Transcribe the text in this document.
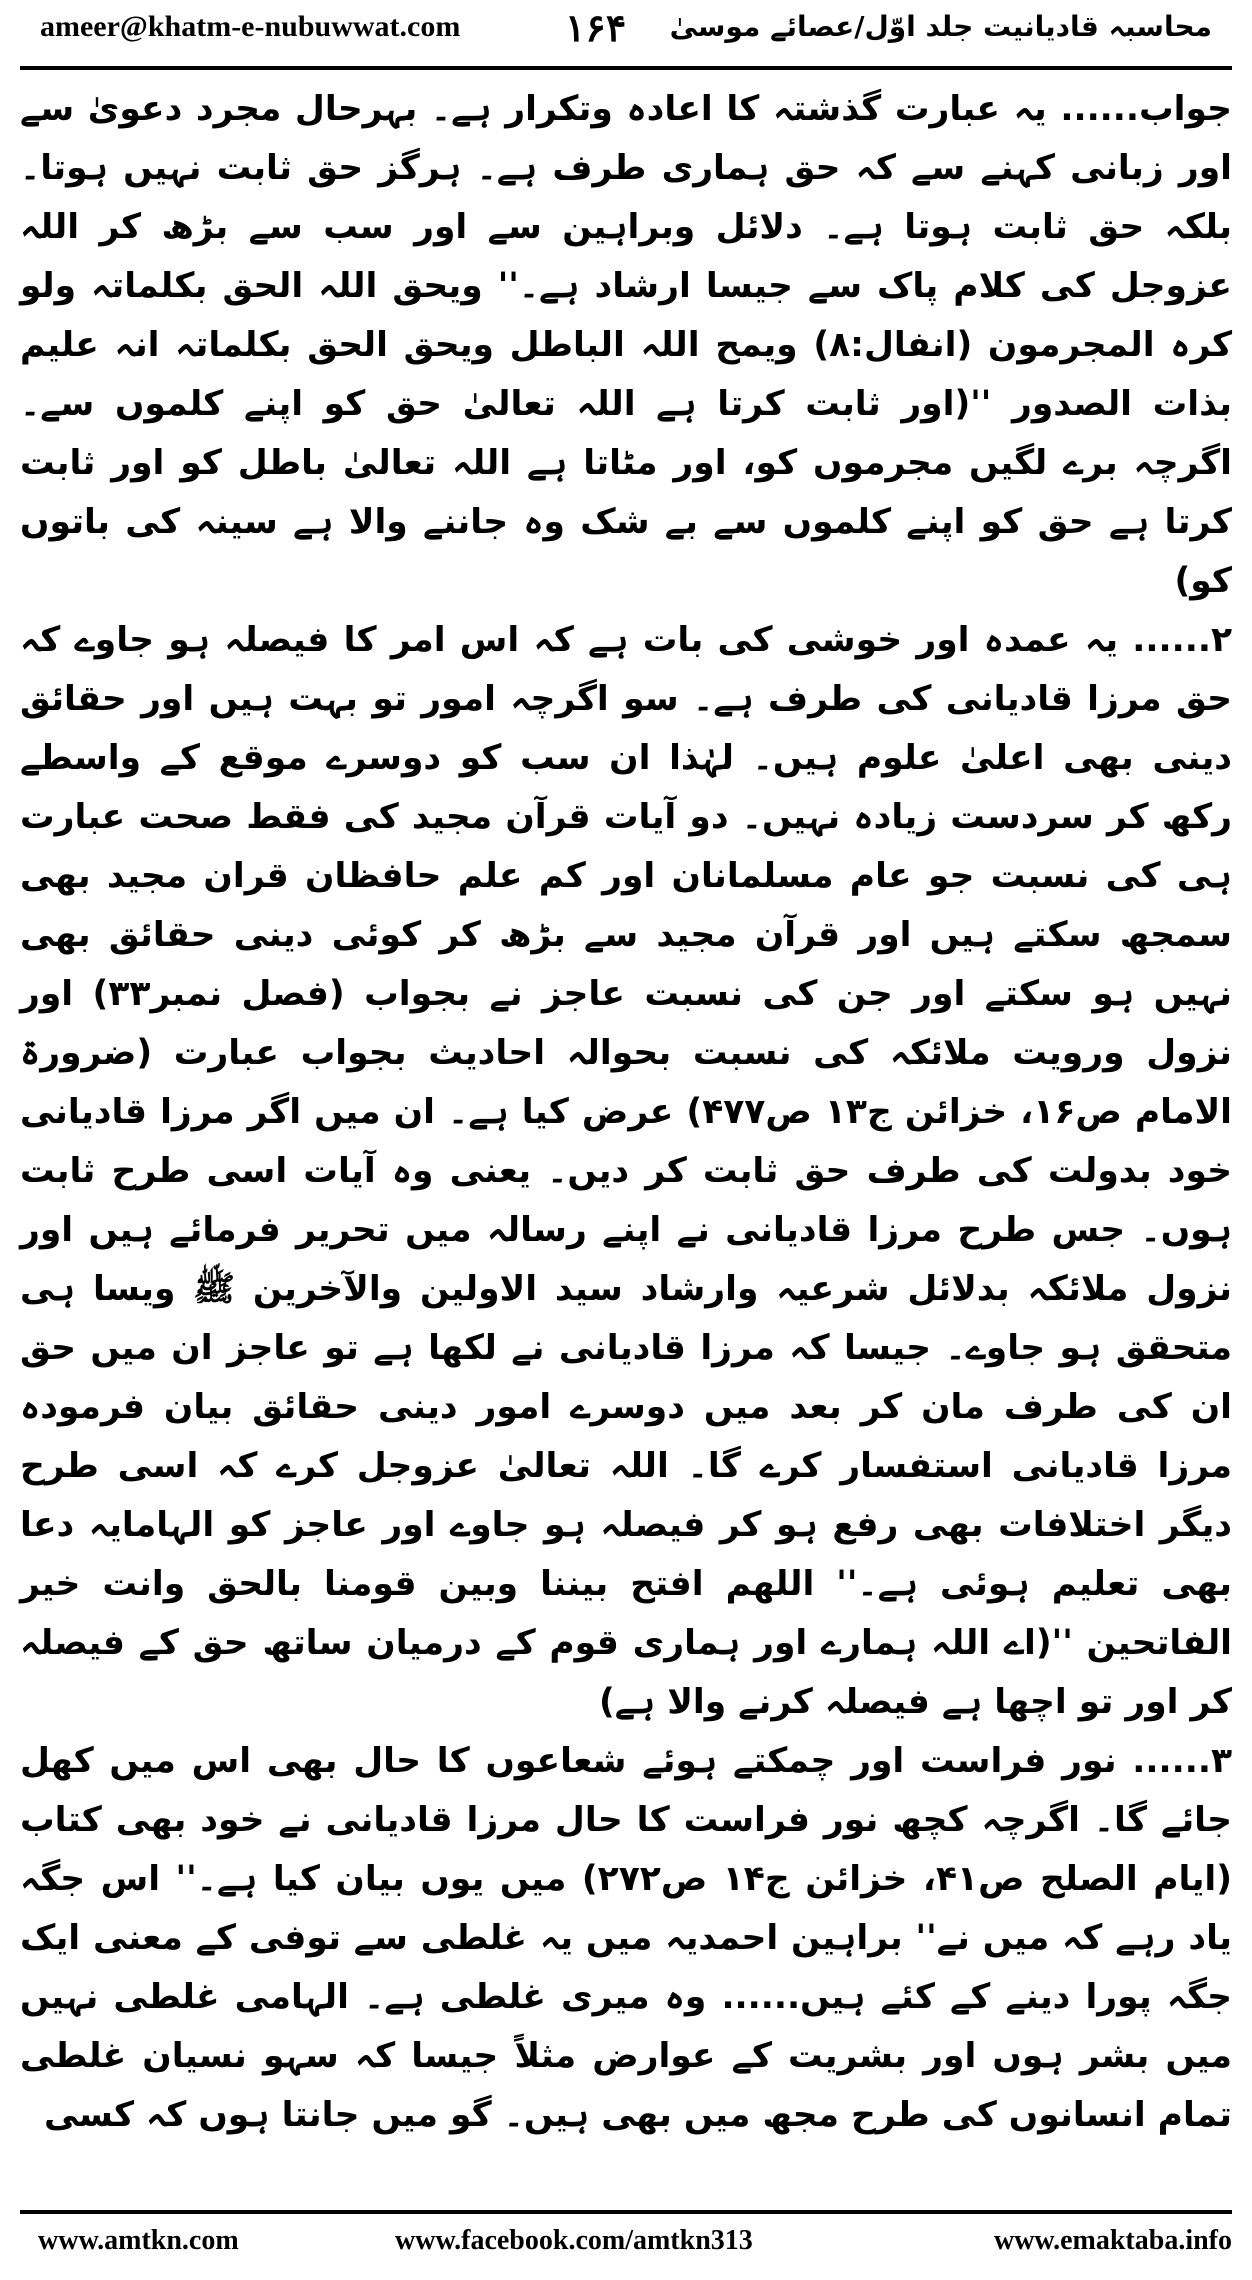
ameer@khatm-e-nubuwwat.com	۱۶۴ محاسبہ قادیانیت جلد اوّل/عصائے موسیٰ

جواب...... یہ عبارت گذشتہ کا اعادہ وتکرار ہے۔ بہرحال مجرد دعویٰ سے اور زبانی کہنے سے کہ حق ہماری طرف ہے۔ ہرگز حق ثابت نہیں ہوتا۔ بلکہ حق ثابت ہوتا ہے۔ دلائل وبراہین سے اور سب سے بڑھ کر اللہ عزوجل کی کلام پاک سے جیسا ارشاد ہے۔'' ویحق اللہ الحق بکلماتہ ولو کرہ المجرمون (انفال:۸) ویمح اللہ الباطل ویحق الحق بکلماتہ انہ علیم بذات الصدور ''(اور ثابت کرتا ہے اللہ تعالیٰ حق کو اپنے کلموں سے۔ اگرچہ برے لگیں مجرموں کو، اور مٹاتا ہے اللہ تعالیٰ باطل کو اور ثابت کرتا ہے حق کو اپنے کلموں سے بے شک وہ جاننے والا ہے سینہ کی باتوں کو)

۲...... یہ عمدہ اور خوشی کی بات ہے کہ اس امر کا فیصلہ ہو جاوے کہ حق مرزا قادیانی کی طرف ہے۔ سو اگرچہ امور تو بہت ہیں اور حقائق دینی بھی اعلیٰ علوم ہیں۔ لہٰذا ان سب کو دوسرے موقع کے واسطے رکھ کر سردست زیادہ نہیں۔ دو آیات قرآن مجید کی فقط صحت عبارت ہی کی نسبت جو عام مسلمانان اور کم علم حافظان قران مجید بھی سمجھ سکتے ہیں اور قرآن مجید سے بڑھ کر کوئی دینی حقائق بھی نہیں ہو سکتے اور جن کی نسبت عاجز نے بجواب (فصل نمبر۳۳) اور نزول ورویت ملائکہ کی نسبت بحوالہ احادیث بجواب عبارت (ضرورۃ الامام ص۱۶، خزائن ج۱۳ ص۴۷۷) عرض کیا ہے۔ ان میں اگر مرزا قادیانی خود بدولت کی طرف حق ثابت کر دیں۔ یعنی وہ آیات اسی طرح ثابت ہوں۔ جس طرح مرزا قادیانی نے اپنے رسالہ میں تحریر فرمائے ہیں اور نزول ملائکہ بدلائل شرعیہ وارشاد سید الاولین والآخرین ﷺ ویسا ہی متحقق ہو جاوے۔ جیسا کہ مرزا قادیانی نے لکھا ہے تو عاجز ان میں حق ان کی طرف مان کر بعد میں دوسرے امور دینی حقائق بیان فرمودہ مرزا قادیانی استفسار کرے گا۔ اللہ تعالیٰ عزوجل کرے کہ اسی طرح دیگر اختلافات بھی رفع ہو کر فیصلہ ہو جاوے اور عاجز کو الہامایہ دعا بھی تعلیم ہوئی ہے۔'' اللھم افتح بیننا وبین قومنا بالحق وانت خیر الفاتحین ''(اے اللہ ہمارے اور ہماری قوم کے درمیان ساتھ حق کے فیصلہ کر اور تو اچھا ہے فیصلہ کرنے والا ہے)

۳...... نور فراست اور چمکتے ہوئے شعاعوں کا حال بھی اس میں کھل جائے گا۔ اگرچہ کچھ نور فراست کا حال مرزا قادیانی نے خود بھی کتاب (ایام الصلح ص۴۱، خزائن ج۱۴ ص۲۷۲) میں یوں بیان کیا ہے۔'' اس جگہ یاد رہے کہ میں نے'' براہین احمدیہ میں یہ غلطی سے توفی کے معنی ایک جگہ پورا دینے کے کئے ہیں...... وہ میری غلطی ہے۔ الہامی غلطی نہیں میں بشر ہوں اور بشریت کے عوارض مثلاً جیسا کہ سہو نسیان غلطی تمام انسانوں کی طرح مجھ میں بھی ہیں۔ گو میں جانتا ہوں کہ کسی

www.amtkn.com	www.facebook.com/amtkn313	www.emaktaba.info
